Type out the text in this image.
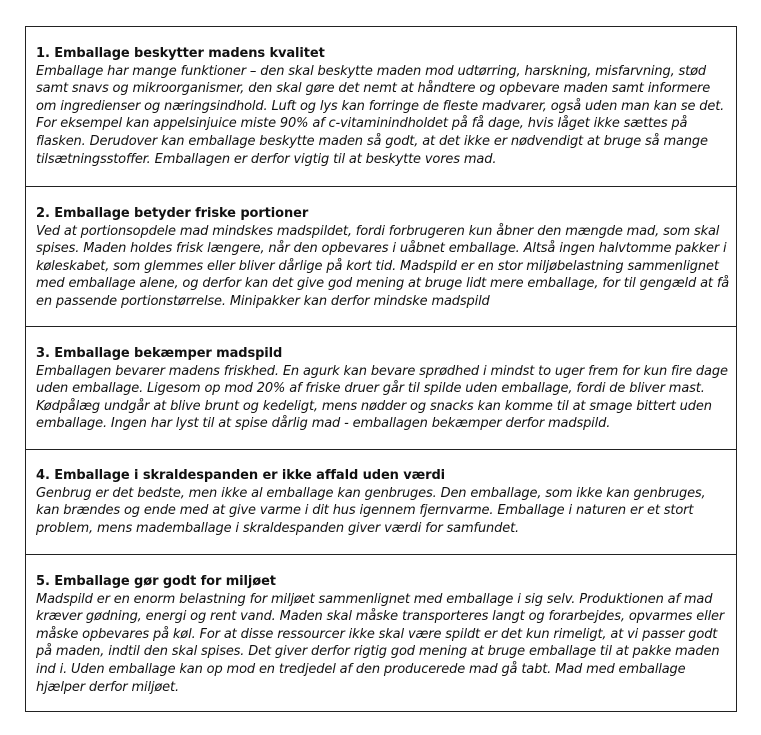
1. Emballage beskytter madens kvalitet

Emballage har mange funktioner – den skal beskytte maden mod udtørring, harskning, misfarvning, stød samt snavs og mikroorganismer, den skal gøre det nemt at håndtere og opbevare maden samt informere om ingredienser og næringsindhold. Luft og lys kan forringe de fleste madvarer, også uden man kan se det. For eksempel kan appelsinjuice miste 90% af c-vitaminindholdet på få dage, hvis låget ikke sættes på flasken. Derudover kan emballage beskytte maden så godt, at det ikke er nødvendigt at bruge så mange tilsætningsstoffer. Emballagen er derfor vigtig til at beskytte vores mad.

2. Emballage betyder friske portioner

Ved at portionsopdele mad mindskes madspildet, fordi forbrugeren kun åbner den mængde mad, som skal spises. Maden holdes frisk længere, når den opbevares i uåbnet emballage. Altså ingen halvtomme pakker i køleskabet, som glemmes eller bliver dårlige på kort tid. Madspild er en stor miljøbelastning sammenlignet med emballage alene, og derfor kan det give god mening at bruge lidt mere emballage, for til gengæld at få en passende portionstørrelse. Minipakker kan derfor mindske madspild

3. Emballage bekæmper madspild

Emballagen bevarer madens friskhed. En agurk kan bevare sprødhed i mindst to uger frem for kun fire dage uden emballage. Ligesom op mod 20% af friske druer går til spilde uden emballage, fordi de bliver mast. Kødpålæg undgår at blive brunt og kedeligt, mens nødder og snacks kan komme til at smage bittert uden emballage. Ingen har lyst til at spise dårlig mad - emballagen bekæmper derfor madspild.

4. Emballage i skraldespanden er ikke affald uden værdi

Genbrug er det bedste, men ikke al emballage kan genbruges. Den emballage, som ikke kan genbruges, kan brændes og ende med at give varme i dit hus igennem fjernvarme. Emballage i naturen er et stort problem, mens mademballage i skraldespanden giver værdi for samfundet.

5. Emballage gør godt for miljøet

Madspild er en enorm belastning for miljøet sammenlignet med emballage i sig selv. Produktionen af mad kræver gødning, energi og rent vand. Maden skal måske transporteres langt og forarbejdes, opvarmes eller måske opbevares på køl. For at disse ressourcer ikke skal være spildt er det kun rimeligt, at vi passer godt på maden, indtil den skal spises. Det giver derfor rigtig god mening at bruge emballage til at pakke maden ind i. Uden emballage kan op mod en tredjedel af den producerede mad gå tabt. Mad med emballage hjælper derfor miljøet.
